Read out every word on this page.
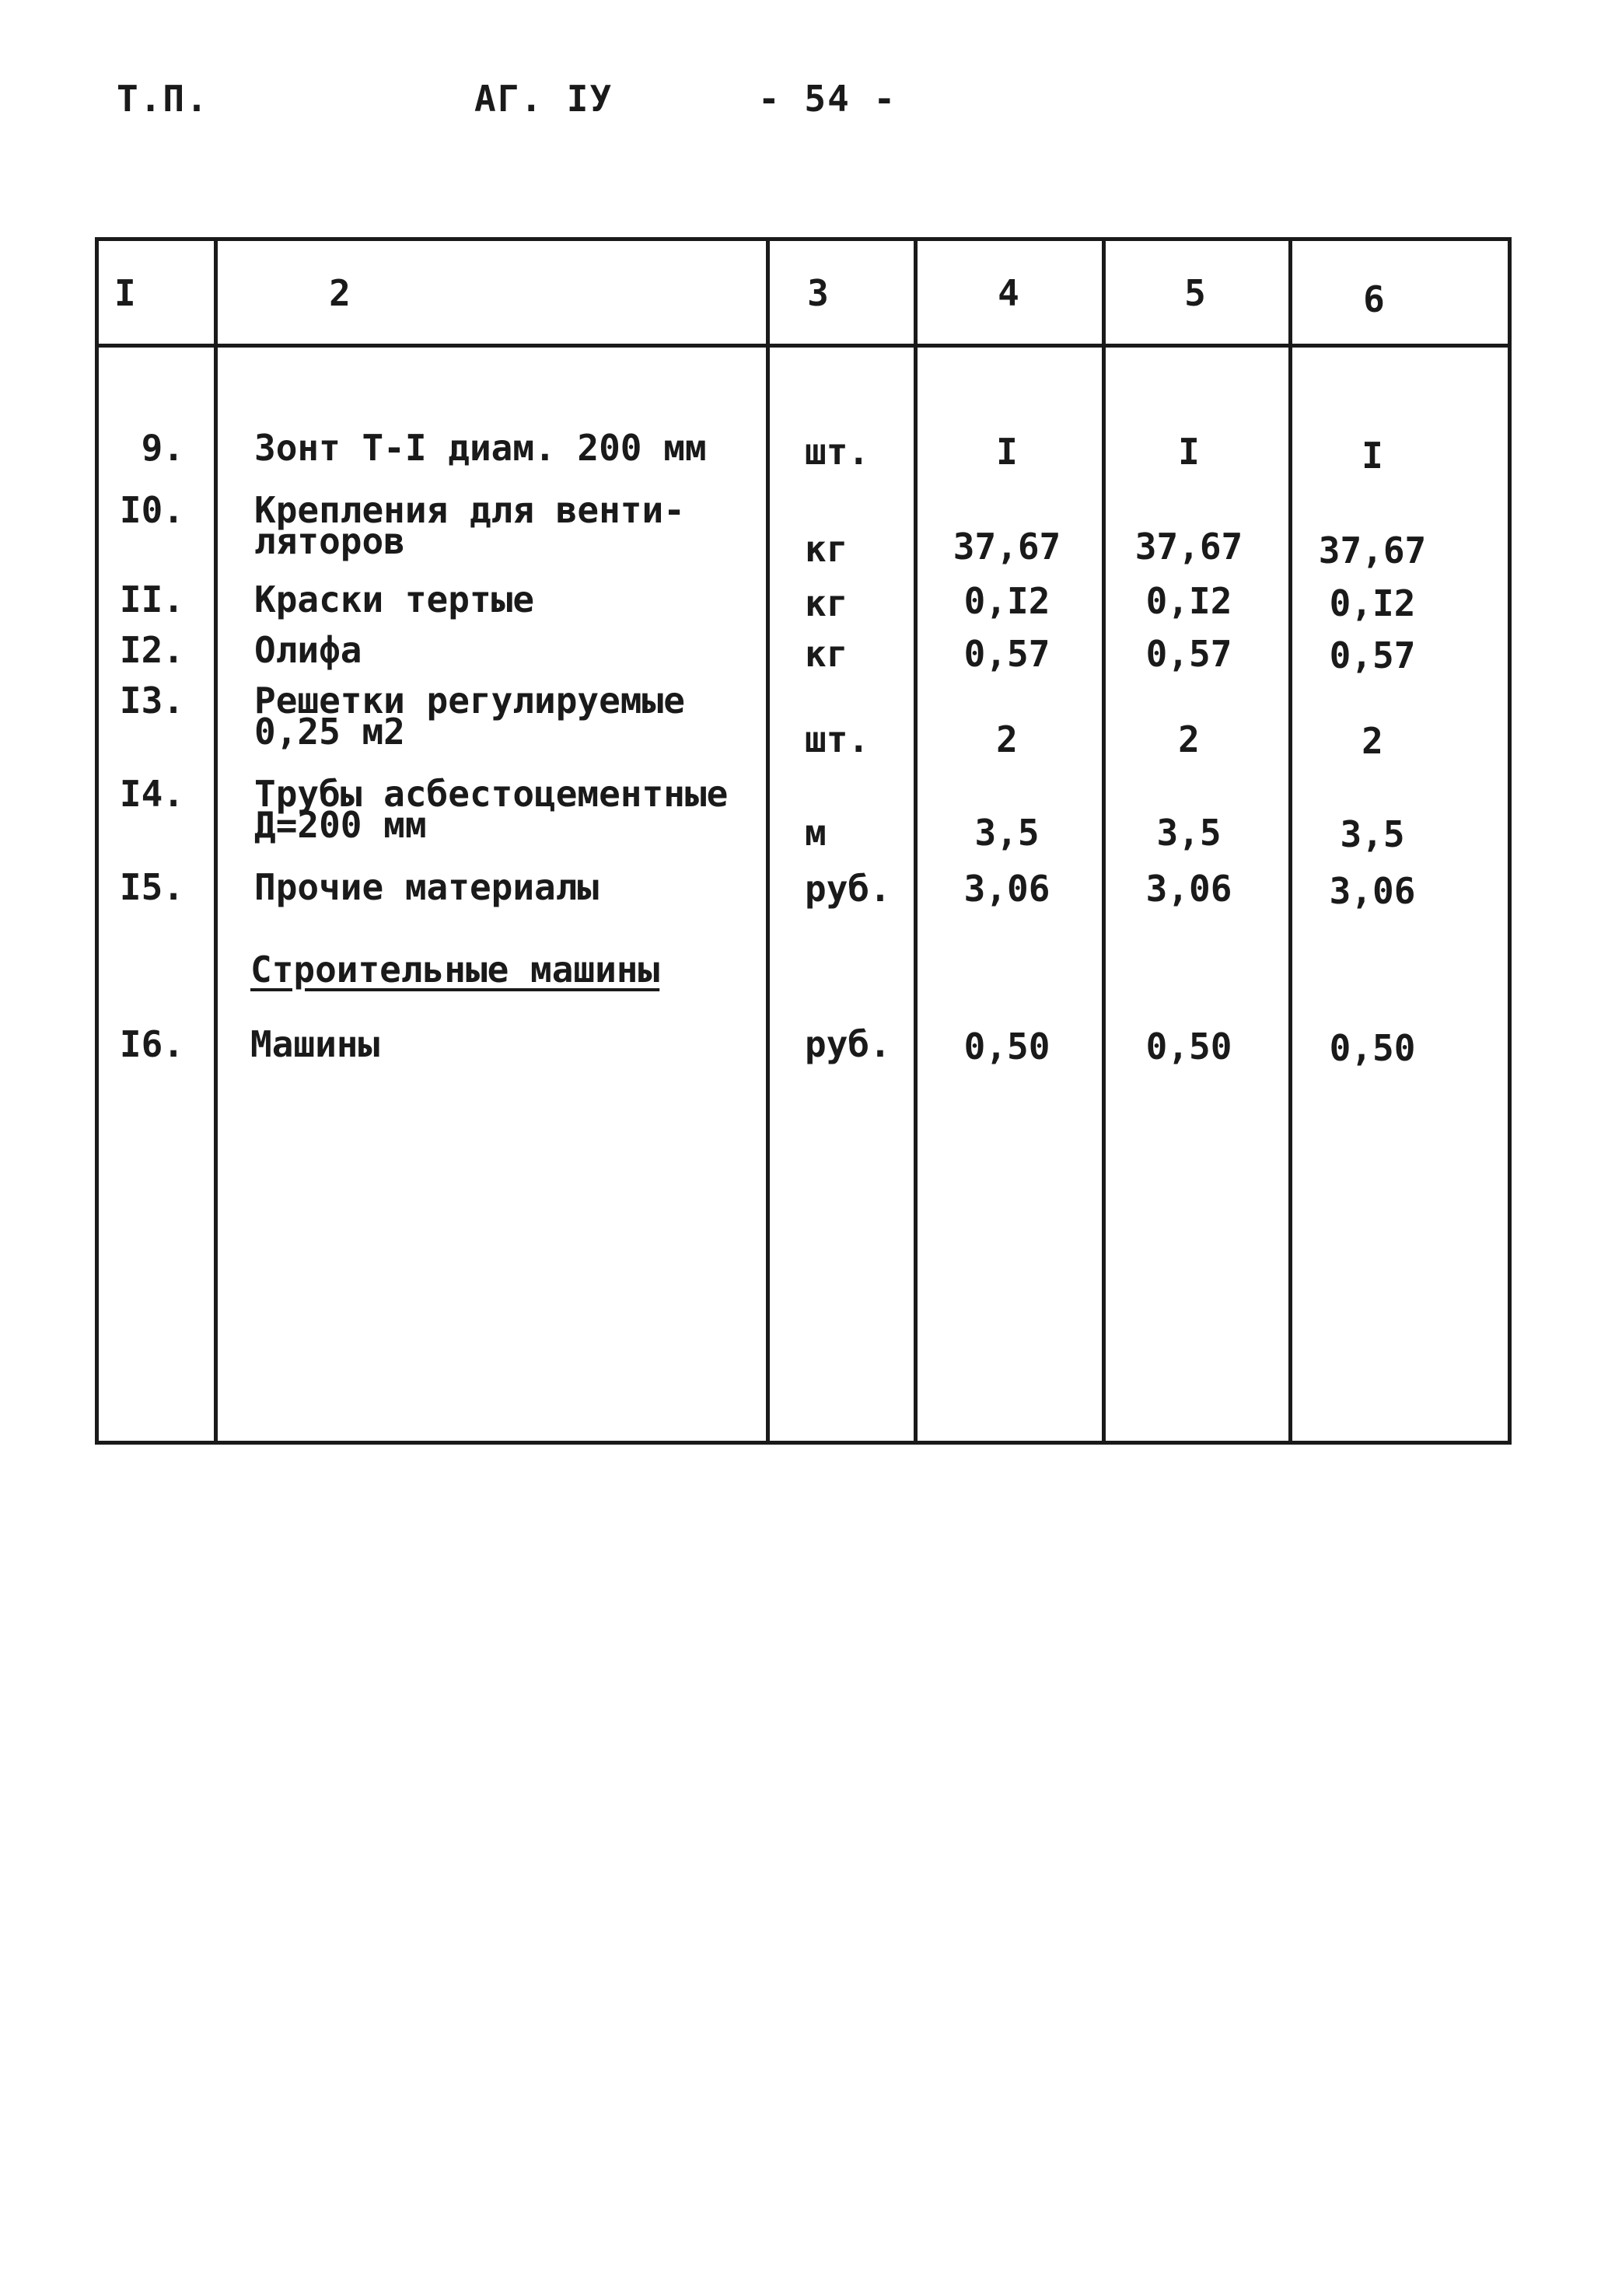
Т.П.	АГ. IУ	- 54 -
I	2	3	4	5	6
9. Зонт Т-I диам. 200 мм	шт.	I	I	I
I0. Крепления для венти-
ляторов	кг	37,67	37,67	37,67
II. Краски тертые	кг	0,I2	0,I2	0,I2
I2. Олифа	кг	0,57	0,57	0,57
I3. Решетки регулируемые
0,25 м2	шт.	2	2	2
I4. Трубы асбестоцементные
Д=200 мм	м	3,5	3,5	3,5
I5. Прочие материалы	руб.	3,06	3,06	3,06
Строительные машины
I6. Машины	руб.	0,50	0,50	0,50
